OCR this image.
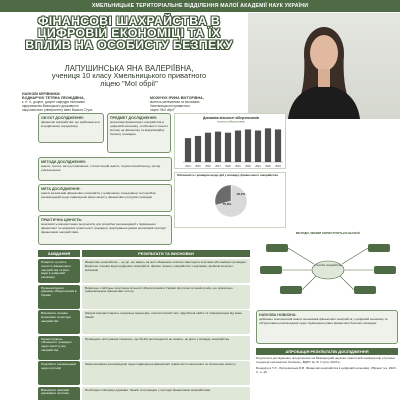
ХМЕЛЬНИЦЬКЕ ТЕРИТОРІАЛЬНЕ ВІДДІЛЕННЯ МАЛОЇ АКАДЕМІЇ НАУК УКРАЇНИ
ФІНАНСОВІ ШАХРАЙСТВА В
ЦИФРОВІЙ ЕКОНОМІЦІ ТА ЇХ
ВПЛИВ НА ОСОБИСТУ БЕЗПЕКУ
ЛАПУШИНСЬКА ЯНА ВАЛЕРІЇВНА,
учениця 10 класу Хмельницького приватного
ліцею "Мої обрії"
НАУКОВІ КЕРІВНИКИ:
БОДНАРЧУК ТЕТЯНА ЛЕОНІДІВНА,
к. е. н., доцент, доцент кафедри економіки
підприємства Вінницького державного
національного університету імені Василя Стуса
МОЗИЧУК ІРИНА ВІКТОРІВНА,
вчитель математики та економіки
Хмельницького приватного
ліцею "Мої обрії"
ОБ'ЄКТ ДОСЛІДЖЕННЯ:
фінансові шахрайства, що здійснюються в цифровому середовищі
ПРЕДМЕТ ДОСЛІДЖЕННЯ:
механізми фінансового шахрайства в цифровій економіці, особливості їхнього впливу на фінансову та інформаційну безпеку громадян
МЕТОДИ ДОСЛІДЖЕННЯ:
аналіз, синтез, метод порівняння, статистичний аналіз, соціологічний метод, метод узагальнення
МЕТА ДОСЛІДЖЕННЯ:
аналіз механізмів фінансових шахрайств у цифровому середовищі та розробка рекомендацій щодо підвищення рівня захисту фінансових ресурсів громадян
ПРАКТИЧНА ЦІННІСТЬ:
можливість використання результатів для розробки рекомендацій з підвищення фінансової та цифрової грамотності громадян, формування дієвих механізмів протидії фінансовим шахрайствам
Динаміка кількості кіберзлочинів
кількість кіберзлочинів
2014 2015 2016 2017 2018 2019 2020 2021 2022 2023
Обізнаність громадян щодо дій у випадку фінансового шахрайства
70,8%
29,2%
ЗАВДАННЯ	РЕЗУЛЬТАТИ ТА ВИСНОВКИ
Розкрити сутність поняття фінансового шахрайства та його види в цифровій економіці
Фінансове шахрайство – це дії, що мають на меті обманним шляхом заволодіти коштами або майном громадян. Виділено основні види цифрових шахрайств: фішинг, вішинг, шахрайство з картками, фейкові інтернет-магазини
Проаналізувати динаміку кіберзлочинів в Україні
Виявлено стабільне зростання кількості кіберзлочинів в Україні протягом останніх років, що зумовлено цифровізацією фінансових послуг
Визначити основні механізми та методи шахрайства
Шахраї використовують соціальну інженерію, психологічний тиск, підроблені сайти та повідомлення від імені банків
Оцінити рівень обізнаності громадян щодо захисту від шахрайства
Проведене опитування показало, що 29,2% респондентів не знають, як діяти у випадку шахрайства
Розробити рекомендації щодо протидії
Запропоновано рекомендації щодо підвищення фінансової грамотності населення та посилення захисту
Визначити напрями державної політики
Необхідна співпраця держави, банків та громадян у протидії фінансовим шахрайствам
МЕТОДИ, ЯКИМИ КОРИСТУЮТЬСЯ ШАХРАЇ
способи шахрайства
НАУКОВА НОВИЗНА:
здійснено комплексний аналіз механізмів фінансових шахрайств у цифровій економіці та обґрунтовано рекомендації щодо підвищення рівня фінансової безпеки громадян
АПРОБАЦІЯ РЕЗУЛЬТАТІВ ДОСЛІДЖЕННЯ
Результати дослідження представлені на Міжнародній науково-практичній конференції «Сучасні тенденції економічної безпеки», ВДНУ ім. В. Стуса, 2023 р.
Бондарчук Т.Л., Лапушинська Я.В. Фінансові шахрайства в цифровій економіці. Збірник тез, 2023. С. 1–10.
